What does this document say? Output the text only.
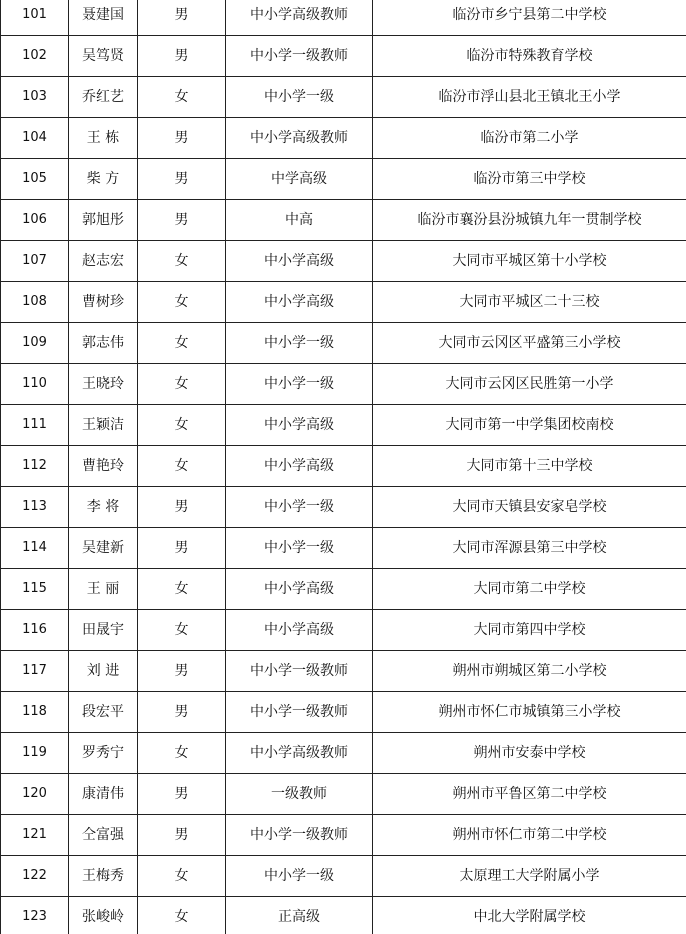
101	聂建国	男	中小学高级教师	临汾市乡宁县第二中学校
102	吴笃贤	男	中小学一级教师	临汾市特殊教育学校
103	乔红艺	女	中小学一级	临汾市浮山县北王镇北王小学
104	王 栋	男	中小学高级教师	临汾市第二小学
105	柴 方	男	中学高级	临汾市第三中学校
106	郭旭彤	男	中高	临汾市襄汾县汾城镇九年一贯制学校
107	赵志宏	女	中小学高级	大同市平城区第十小学校
108	曹树珍	女	中小学高级	大同市平城区二十三校
109	郭志伟	女	中小学一级	大同市云冈区平盛第三小学校
110	王晓玲	女	中小学一级	大同市云冈区民胜第一小学
111	王颖洁	女	中小学高级	大同市第一中学集团校南校
112	曹艳玲	女	中小学高级	大同市第十三中学校
113	李 将	男	中小学一级	大同市天镇县安家皂学校
114	吴建新	男	中小学一级	大同市浑源县第三中学校
115	王 丽	女	中小学高级	大同市第二中学校
116	田晟宇	女	中小学高级	大同市第四中学校
117	刘 进	男	中小学一级教师	朔州市朔城区第二小学校
118	段宏平	男	中小学一级教师	朔州市怀仁市城镇第三小学校
119	罗秀宁	女	中小学高级教师	朔州市安泰中学校
120	康清伟	男	一级教师	朔州市平鲁区第二中学校
121	仝富强	男	中小学一级教师	朔州市怀仁市第二中学校
122	王梅秀	女	中小学一级	太原理工大学附属小学
123	张峻岭	女	正高级	中北大学附属学校
